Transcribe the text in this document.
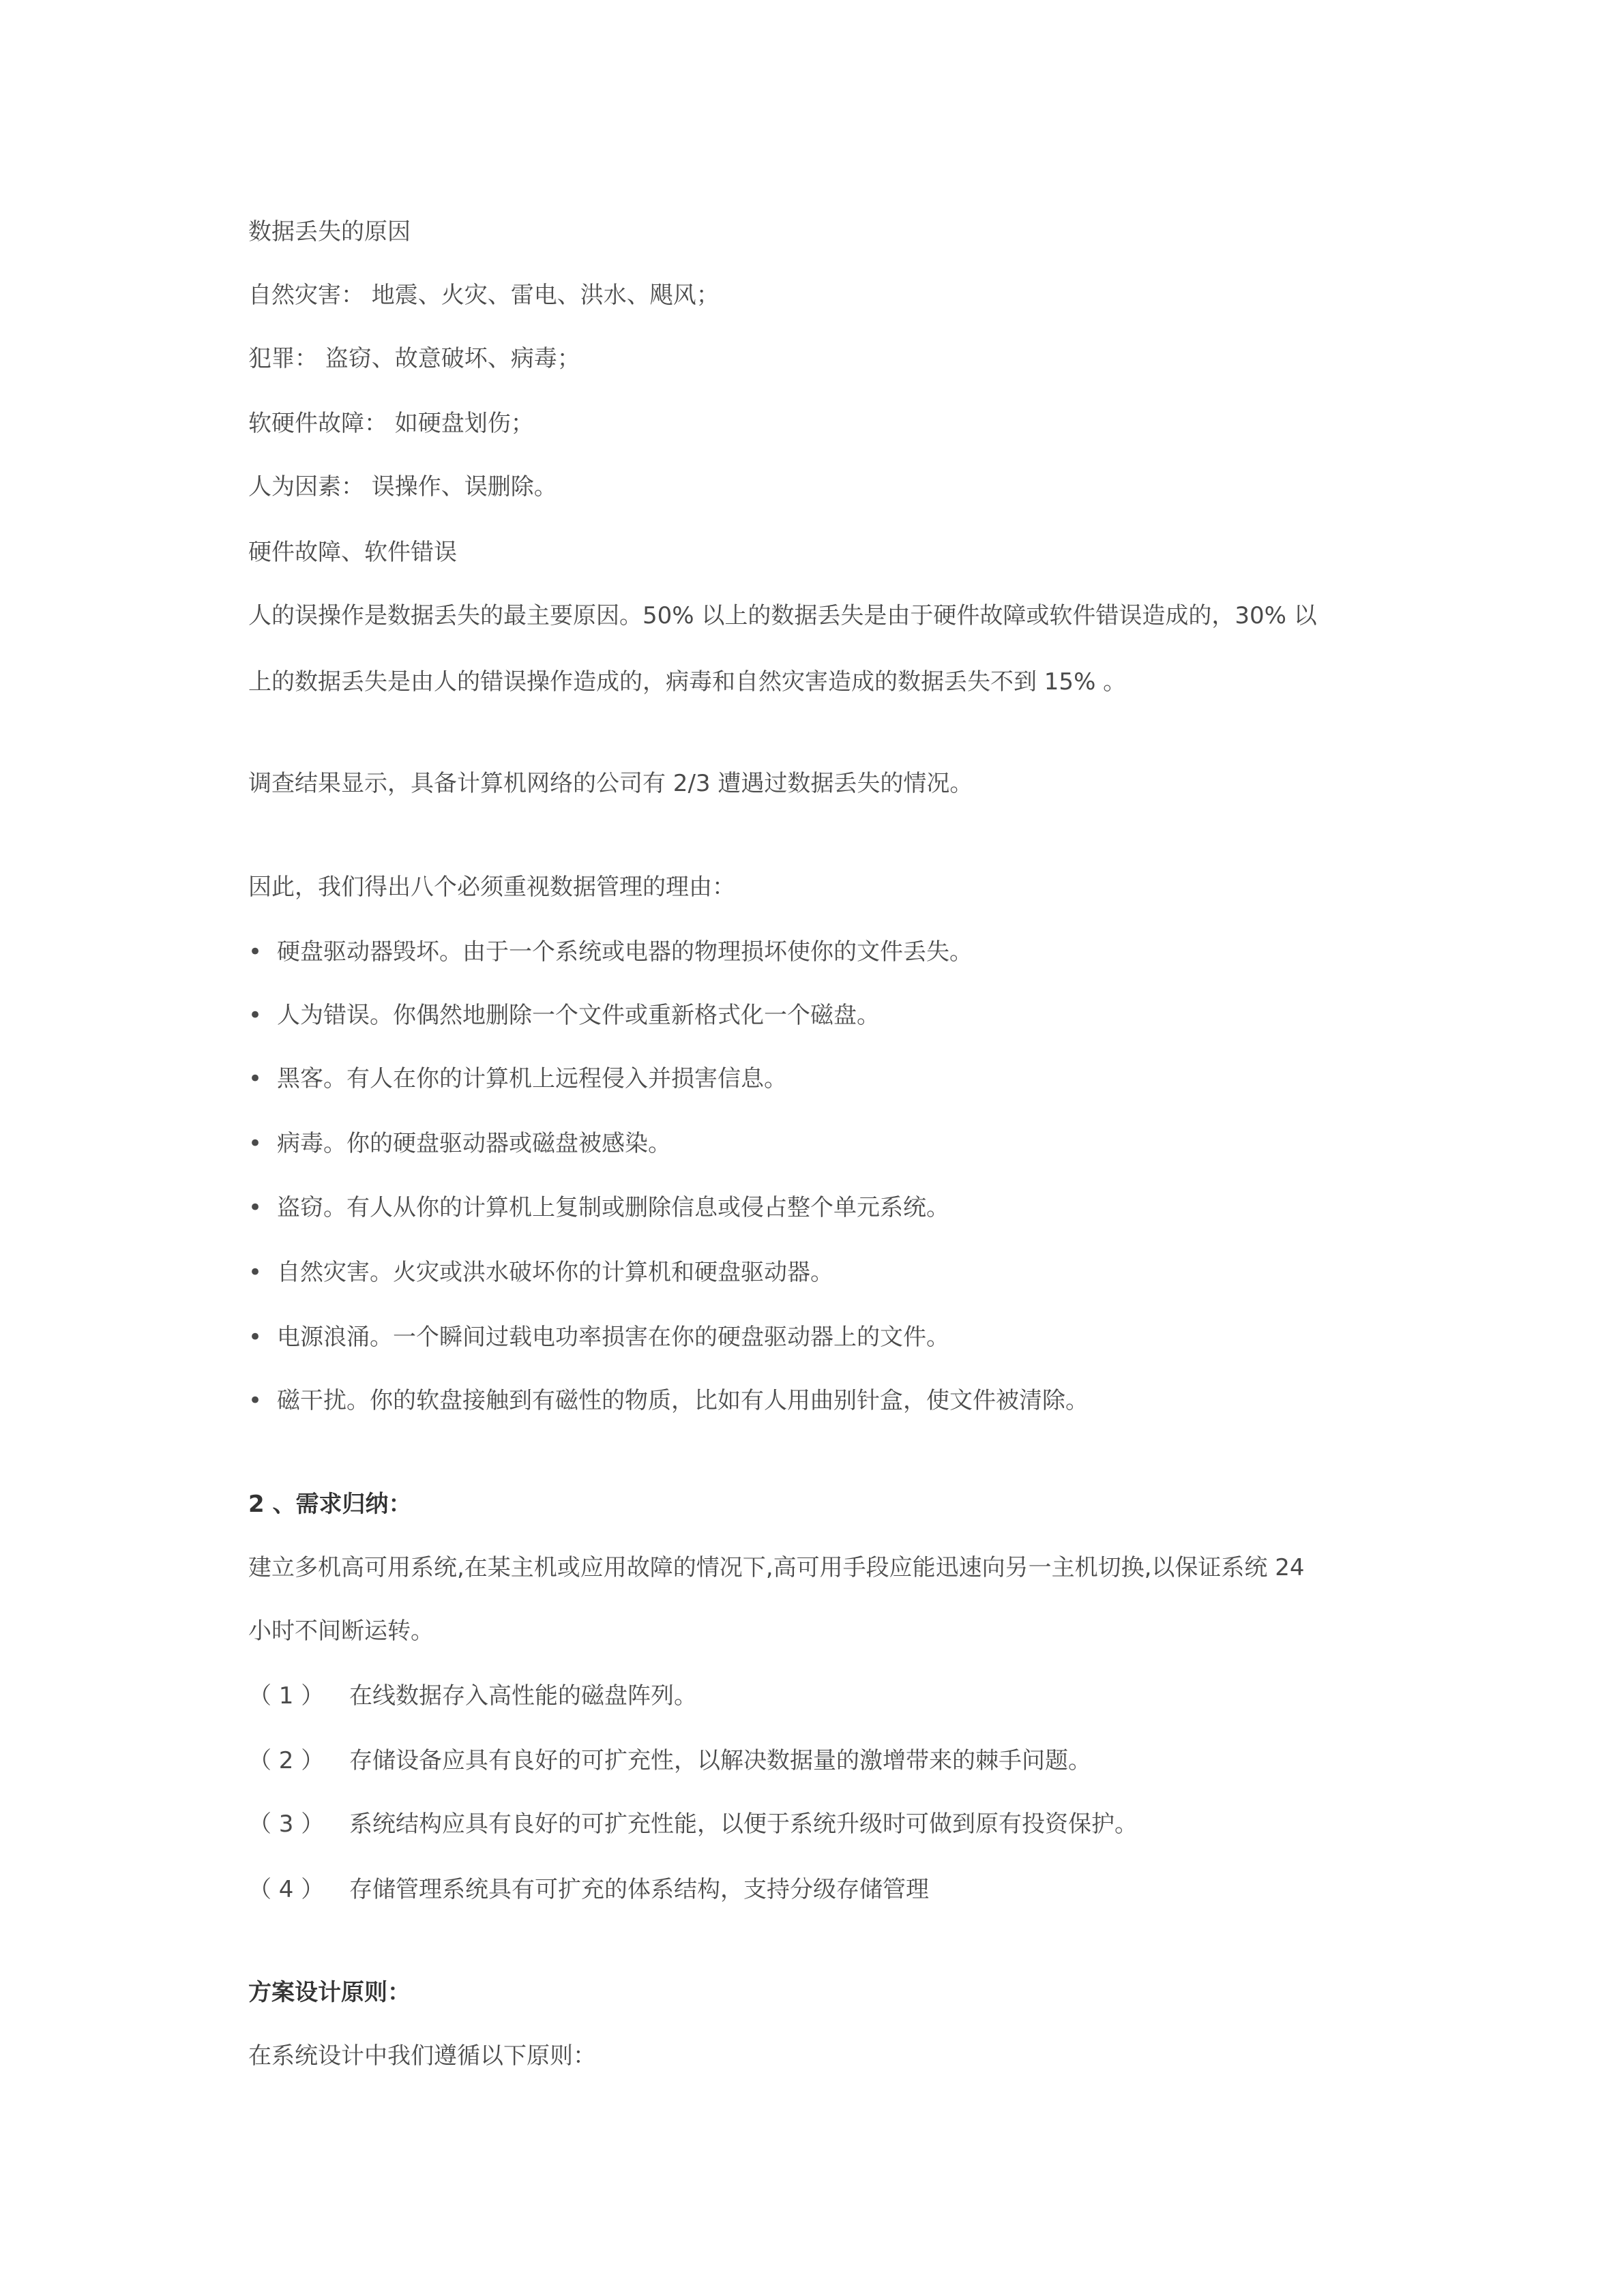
数据丢失的原因
自然灾害： 地震、火灾、雷电、洪水、飓风；
犯罪： 盗窃、故意破坏、病毒；
软硬件故障： 如硬盘划伤；
人为因素： 误操作、误删除。
硬件故障、软件错误
人的误操作是数据丢失的最主要原因。50% 以上的数据丢失是由于硬件故障或软件错误造成的，30% 以
上的数据丢失是由人的错误操作造成的，病毒和自然灾害造成的数据丢失不到 15% 。
调查结果显示，具备计算机网络的公司有 2/3 遭遇过数据丢失的情况。
因此，我们得出八个必须重视数据管理的理由：
• 硬盘驱动器毁坏。由于一个系统或电器的物理损坏使你的文件丢失。
• 人为错误。你偶然地删除一个文件或重新格式化一个磁盘。
• 黑客。有人在你的计算机上远程侵入并损害信息。
• 病毒。你的硬盘驱动器或磁盘被感染。
• 盗窃。有人从你的计算机上复制或删除信息或侵占整个单元系统。
• 自然灾害。火灾或洪水破坏你的计算机和硬盘驱动器。
• 电源浪涌。一个瞬间过载电功率损害在你的硬盘驱动器上的文件。
• 磁干扰。你的软盘接触到有磁性的物质，比如有人用曲别针盒，使文件被清除。
2 、需求归纳：
建立多机高可用系统,在某主机或应用故障的情况下,高可用手段应能迅速向另一主机切换,以保证系统 24
小时不间断运转。
（ 1 ） 在线数据存入高性能的磁盘阵列。
（ 2 ） 存储设备应具有良好的可扩充性，以解决数据量的激增带来的棘手问题。
（ 3 ） 系统结构应具有良好的可扩充性能，以便于系统升级时可做到原有投资保护。
（ 4 ） 存储管理系统具有可扩充的体系结构，支持分级存储管理
方案设计原则：
在系统设计中我们遵循以下原则：
